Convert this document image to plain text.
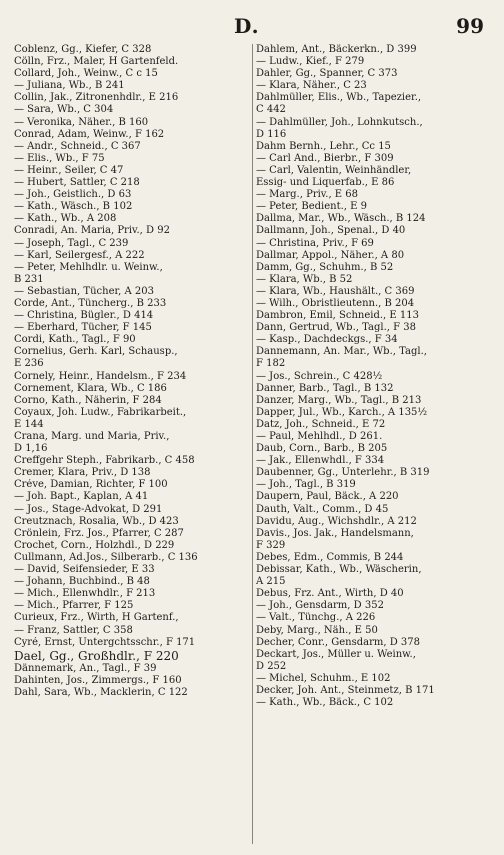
D.	99
Coblenz, Gg., Kiefer, C 328
Cölln, Frz., Maler, H Gartenfeld.
Collard, Joh., Weinw., C c 15
— Juliana, Wb., B 241
Collin, Jak., Zitronenhdlr., E 216
— Sara, Wb., C 304
— Veronika, Näher., B 160
Conrad, Adam, Weinw., F 162
— Andr., Schneid., C 367
— Elis., Wb., F 75
— Heinr., Seiler, C 47
— Hubert, Sattler, C 218
— Joh., Geistlich., D 63
— Kath., Wäsch., B 102
— Kath., Wb., A 208
Conradi, An. Maria, Priv., D 92
— Joseph, Tagl., C 239
— Karl, Seilergesf., A 222
— Peter, Mehlhdlr. u. Weinw.,
B 231
— Sebastian, Tücher, A 203
Corde, Ant., Tüncherg., B 233
— Christina, Bügler., D 414
— Eberhard, Tücher, F 145
Cordi, Kath., Tagl., F 90
Cornelius, Gerh. Karl, Schausp.,
E 236
Cornely, Heinr., Handelsm., F 234
Cornement, Klara, Wb., C 186
Corno, Kath., Näherin, F 284
Coyaux, Joh. Ludw., Fabrikarbeit.,
E 144
Crana, Marg. und Maria, Priv.,
D 1,16
Creffgehr Steph., Fabrikarb., C 458
Cremer, Klara, Priv., D 138
Créve, Damian, Richter, F 100
— Joh. Bapt., Kaplan, A 41
— Jos., Stage-Advokat, D 291
Creutznach, Rosalia, Wb., D 423
Crönlein, Frz. Jos., Pfarrer, C 287
Crochet, Corn., Holzhdl., D 229
Cullmann, Ad.Jos., Silberarb., C 136
— David, Seifensieder, E 33
— Johann, Buchbind., B 48
— Mich., Ellenwhdlr., F 213
— Mich., Pfarrer, F 125
Curieux, Frz., Wirth, H Gartenf.,
— Franz, Sattler, C 358
Cyré, Ernst, Untergchtsschr., F 171
Dael, Gg., Großhdlr., F 220
Dännemark, An., Tagl., F 39
Dahinten, Jos., Zimmergs., F 160
Dahl, Sara, Wb., Macklerin, C 122
Dahlem, Ant., Bäckerkn., D 399
— Ludw., Kief., F 279
Dahler, Gg., Spanner, C 373
— Klara, Näher., C 23
Dahlmüller, Elis., Wb., Tapezier.,
C 442
— Dahlmüller, Joh., Lohnkutsch.,
D 116
Dahm Bernh., Lehr., Cc 15
— Carl And., Bierbr., F 309
— Carl, Valentin, Weinhändler,
Essig- und Liquerfab., E 86
— Marg., Priv., E 68
— Peter, Bedient., E 9
Dallma, Mar., Wb., Wäsch., B 124
Dallmann, Joh., Spenal., D 40
— Christina, Priv., F 69
Dallmar, Appol., Näher., A 80
Damm, Gg., Schuhm., B 52
— Klara, Wb., B 52
— Klara, Wb., Haushält., C 369
— Wilh., Obristlieutenn., B 204
Dambron, Emil, Schneid., E 113
Dann, Gertrud, Wb., Tagl., F 38
— Kasp., Dachdeckgs., F 34
Dannemann, An. Mar., Wb., Tagl.,
F 182
— Jos., Schrein., C 428½
Danner, Barb., Tagl., B 132
Danzer, Marg., Wb., Tagl., B 213
Dapper, Jul., Wb., Karch., A 135½
Datz, Joh., Schneid., E 72
— Paul, Mehlhdl., D 261.
Daub, Corn., Barb., B 205
— Jak., Ellenwhdl., F 334
Daubenner, Gg., Unterlehr., B 319
— Joh., Tagl., B 319
Daupern, Paul, Bäck., A 220
Dauth, Valt., Comm., D 45
Davidu, Aug., Wichshdlr., A 212
Davis., Jos. Jak., Handelsmann,
F 329
Debes, Edm., Commis, B 244
Debissar, Kath., Wb., Wäscherin,
A 215
Debus, Frz. Ant., Wirth, D 40
— Joh., Gensdarm, D 352
— Valt., Tünchg., A 226
Deby, Marg., Näh., E 50
Decher, Conr., Gensdarm, D 378
Deckart, Jos., Müller u. Weinw.,
D 252
— Michel, Schuhm., E 102
Decker, Joh. Ant., Steinmetz, B 171
— Kath., Wb., Bäck., C 102
